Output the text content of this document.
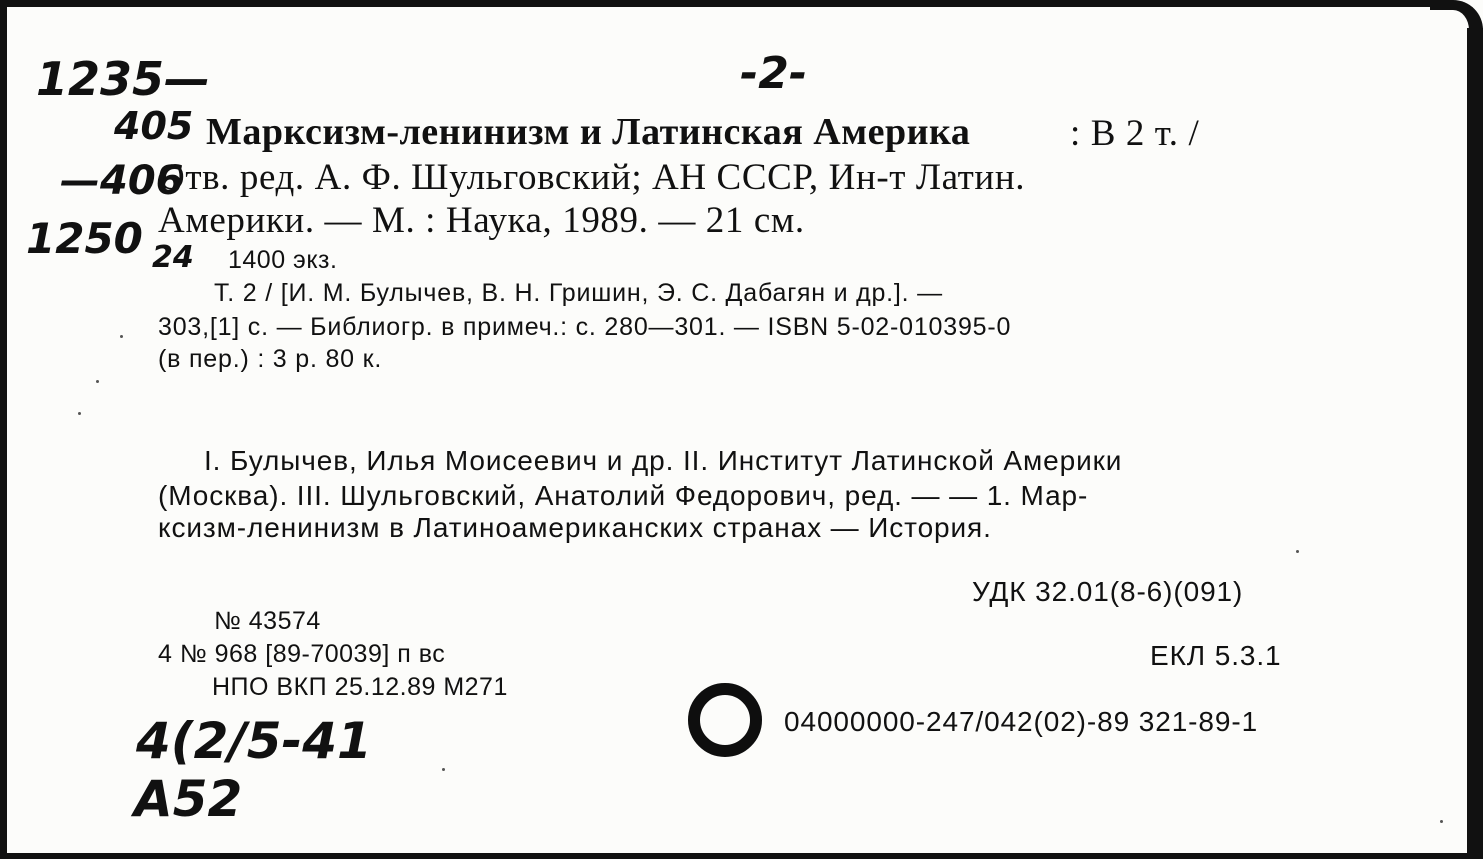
-2-
1235—
405
—406
1250 24
4(2/5-41
А52
Марксизм-ленинизм и Латинская Америка	: В 2 т. /
Отв. ред. А. Ф. Шульговский; АН СССР, Ин-т Латин.
Америки. — М. : Наука, 1989. — 21 см.
1400 экз.
Т. 2 / [И. М. Булычев, В. Н. Гришин, Э. С. Дабагян и др.]. —
303,[1] с. — Библиогр. в примеч.: с. 280—301. — ISBN 5-02-010395-0
(в пер.) : 3 р. 80 к.
I. Булычев, Илья Моисеевич и др. II. Институт Латинской Америки
(Москва). III. Шульговский, Анатолий Федорович, ред. — — 1. Мар-
ксизм-ленинизм в Латиноамериканских странах — История.
УДК 32.01(8-6)(091)
ЕКЛ 5.3.1
04000000-247/042(02)-89 321-89-1
№ 43574
4 № 968 [89-70039] п вс
НПО ВКП 25.12.89 М271
